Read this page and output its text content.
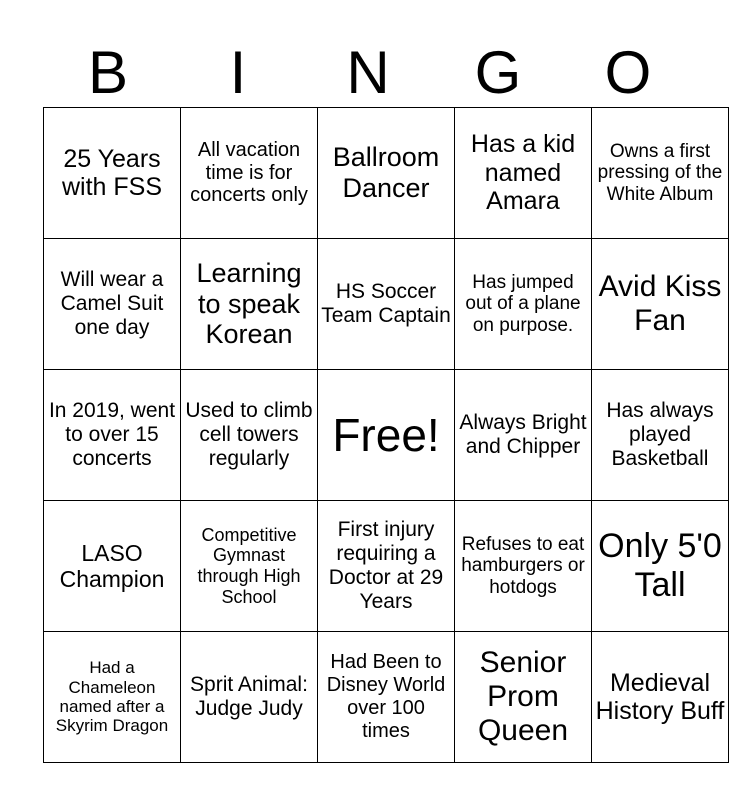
B	I	N	G	O
25 Years with FSS	All vacation time is for concerts only	Ballroom Dancer	Has a kid named Amara	Owns a first pressing of the White Album
Will wear a Camel Suit one day	Learning to speak Korean	HS Soccer Team Captain	Has jumped out of a plane on purpose.	Avid Kiss Fan
In 2019, went to over 15 concerts	Used to climb cell towers regularly	Free!	Always Bright and Chipper	Has always played Basketball
LASO Champion	Competitive Gymnast through High School	First injury requiring a Doctor at 29 Years	Refuses to eat hamburgers or hotdogs	Only 5'0 Tall
Had a Chameleon named after a Skyrim Dragon	Sprit Animal: Judge Judy	Had Been to Disney World over 100 times	Senior Prom Queen	Medieval History Buff
